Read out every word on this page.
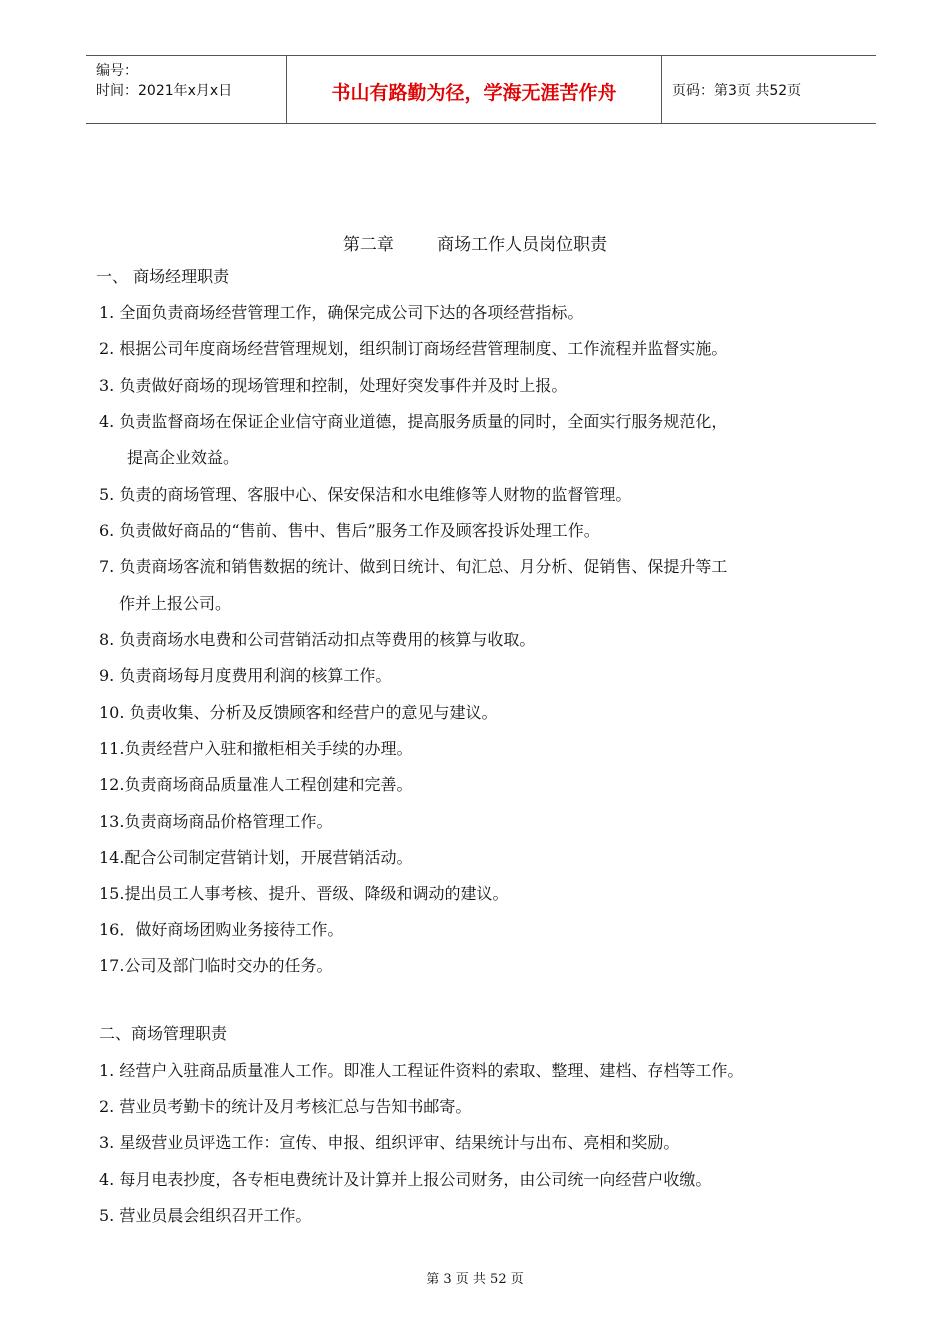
编号：
时间：2021年x月x日	书山有路勤为径，学海无涯苦作舟	页码：第3页 共52页
第二章        商场工作人员岗位职责
一、 商场经理职责
1. 全面负责商场经营管理工作，确保完成公司下达的各项经营指标。
2. 根据公司年度商场经营管理规划，组织制订商场经营管理制度、工作流程并监督实施。
3. 负责做好商场的现场管理和控制，处理好突发事件并及时上报。
4. 负责监督商场在保证企业信守商业道德，提高服务质量的同时，全面实行服务规范化，
提高企业效益。
5. 负责的商场管理、客服中心、保安保洁和水电维修等人财物的监督管理。
6. 负责做好商品的“售前、售中、售后”服务工作及顾客投诉处理工作。
7. 负责商场客流和销售数据的统计、做到日统计、旬汇总、月分析、促销售、保提升等工
作并上报公司。
8. 负责商场水电费和公司营销活动扣点等费用的核算与收取。
9. 负责商场每月度费用利润的核算工作。
10. 负责收集、分析及反馈顾客和经营户的意见与建议。
11.负责经营户入驻和撤柜相关手续的办理。
12.负责商场商品质量准人工程创建和完善。
13.负责商场商品价格管理工作。
14.配合公司制定营销计划，开展营销活动。
15.提出员工人事考核、提升、晋级、降级和调动的建议。
16．做好商场团购业务接待工作。
17.公司及部门临时交办的任务。
二、商场管理职责
1. 经营户入驻商品质量准人工作。即准人工程证件资料的索取、整理、建档、存档等工作。
2. 营业员考勤卡的统计及月考核汇总与告知书邮寄。
3. 星级营业员评选工作：宣传、申报、组织评审、结果统计与出布、亮相和奖励。
4. 每月电表抄度，各专柜电费统计及计算并上报公司财务，由公司统一向经营户收缴。
5. 营业员晨会组织召开工作。
第 3 页 共 52 页
